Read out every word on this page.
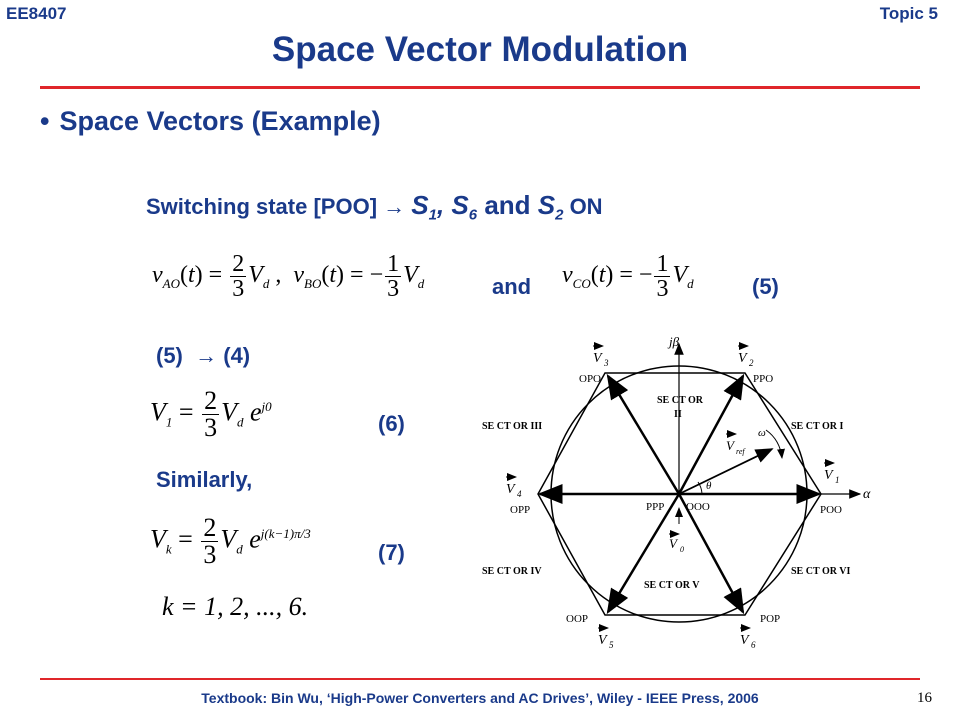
EE8407	Topic 5
Space Vector Modulation
• Space Vectors (Example)
Switching state $[POO] \to S_1$, $S_6$ and $S_2$ ON
$v_{AO}(t) = \frac{2}{3} V_d$ ,  $v_{BO}(t)$ = − $\frac{1}{3} V_d$	and $v_{CO}(t)$ = − $\frac{1}{3} V_d$	(5)
(5) → (4)
$V_1 = \frac{2}{3} V_d$ $e^{j0}$
(6)
Similarly,
$V_k = \frac{2}{3} V_d$ $e^{j(k-1)\pi/3}$
(7)
k = 1, 2, ..., 6.
jβ
α
θ
ω
OPO	PPO
OPP	POO
OOP	POP
PPP OOO
SE CT OR I
SE CT OR
II
SE CT OR III
SE CT OR IV
SE CT OR V
SE CT OR VI
V 1
V 2
V 3
V 4
V 5	V 6
V 0
V ref
Textbook: Bin Wu, ‘High-Power Converters and AC Drives’, Wiley - IEEE Press, 2006	16
